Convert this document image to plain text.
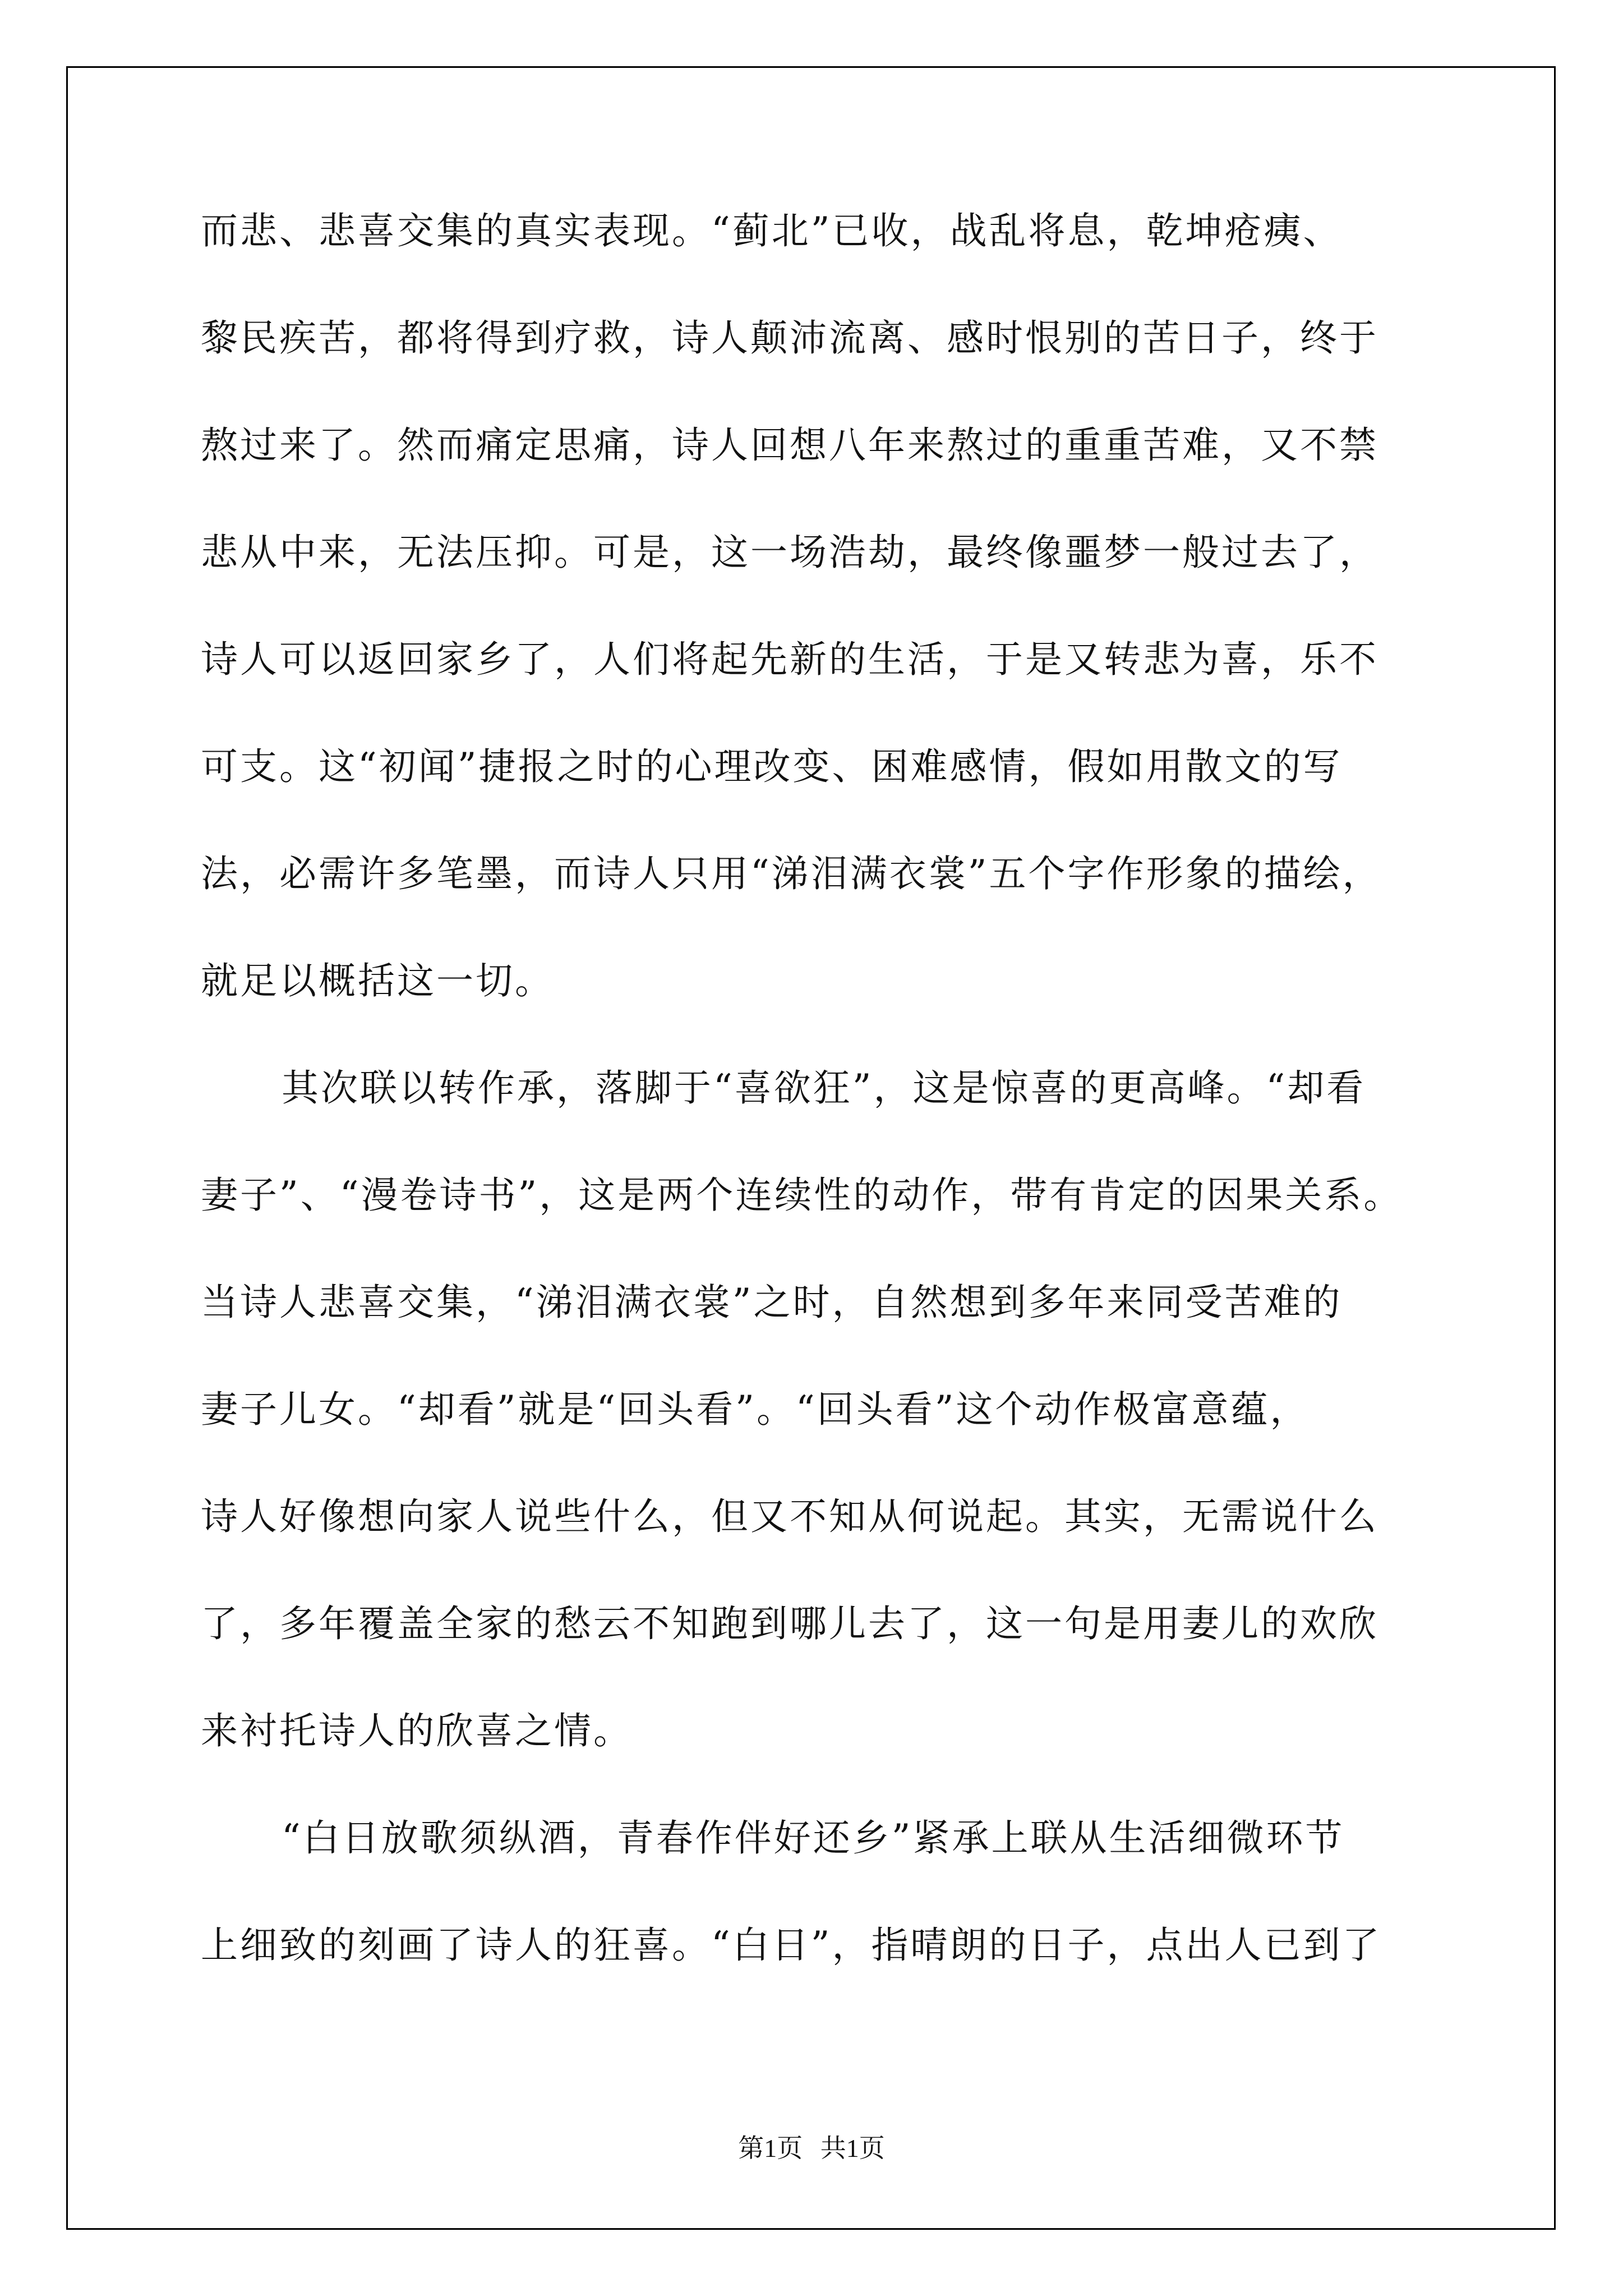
而悲、悲喜交集的真实表现。“蓟北”已收，战乱将息，乾坤疮痍、
黎民疾苦，都将得到疗救，诗人颠沛流离、感时恨别的苦日子，终于
熬过来了。然而痛定思痛，诗人回想八年来熬过的重重苦难，又不禁
悲从中来，无法压抑。可是，这一场浩劫，最终像噩梦一般过去了，
诗人可以返回家乡了，人们将起先新的生活，于是又转悲为喜，乐不
可支。这“初闻”捷报之时的心理改变、困难感情，假如用散文的写
法，必需许多笔墨，而诗人只用“涕泪满衣裳”五个字作形象的描绘，
就足以概括这一切。
其次联以转作承，落脚于“喜欲狂”，这是惊喜的更高峰。“却看
妻子”、“漫卷诗书”，这是两个连续性的动作，带有肯定的因果关系。
当诗人悲喜交集，“涕泪满衣裳”之时，自然想到多年来同受苦难的
妻子儿女。“却看”就是“回头看”。“回头看”这个动作极富意蕴，
诗人好像想向家人说些什么，但又不知从何说起。其实，无需说什么
了，多年覆盖全家的愁云不知跑到哪儿去了，这一句是用妻儿的欢欣
来衬托诗人的欣喜之情。
“白日放歌须纵酒，青春作伴好还乡”紧承上联从生活细微环节
上细致的刻画了诗人的狂喜。“白日”，指晴朗的日子，点出人已到了
第1页 共1页
